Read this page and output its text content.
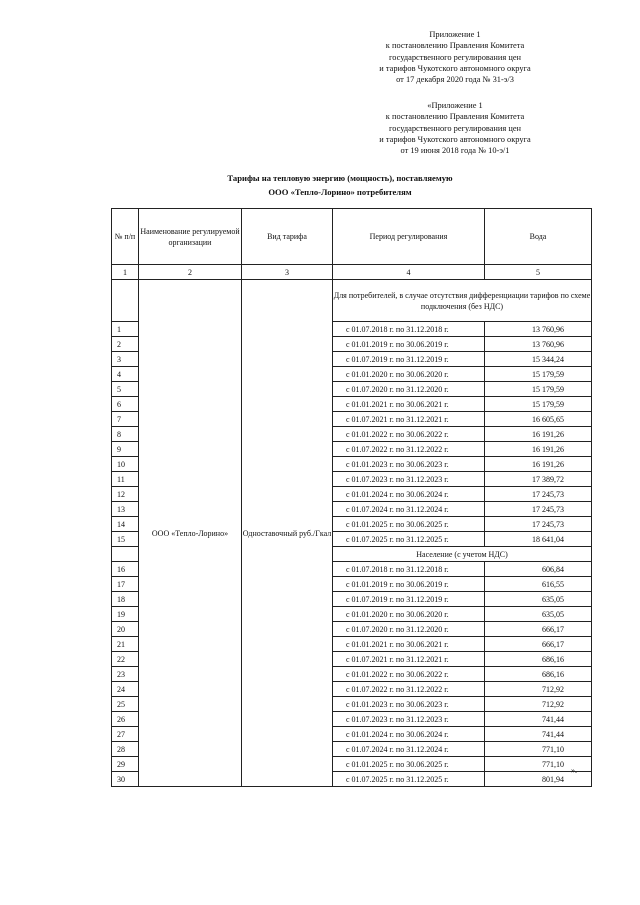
Приложение 1
к постановлению Правления Комитета
государственного регулирования цен
и тарифов Чукотского автономного округа
от 17 декабря 2020 года № 31-э/3
«Приложение 1
к постановлению Правления Комитета
государственного регулирования цен
и тарифов Чукотского автономного округа
от 19 июня 2018 года № 10-э/1
Тарифы на тепловую энергию (мощность), поставляемую
ООО «Тепло-Лорино» потребителям
№ п/п	Наименование регулируемой организации	Вид тарифа	Период регулирования	Вода
1	2	3	4	5
	ООО «Тепло-Лорино»	Одноставочный руб./Гкал	Для потребителей, в случае отсутствия дифференциации тарифов по схеме подключения (без НДС)	
1			с 01.07.2018 г. по 31.12.2018 г.	13 760,96
2			с 01.01.2019 г. по 30.06.2019 г.	13 760,96
3			с 01.07.2019 г. по 31.12.2019 г.	15 344,24
4			с 01.01.2020 г. по 30.06.2020 г.	15 179,59
5			с 01.07.2020 г. по 31.12.2020 г.	15 179,59
6			с 01.01.2021 г. по 30.06.2021 г.	15 179,59
7			с 01.07.2021 г. по 31.12.2021 г.	16 605,65
8			с 01.01.2022 г. по 30.06.2022 г.	16 191,26
9			с 01.07.2022 г. по 31.12.2022 г.	16 191,26
10			с 01.01.2023 г. по 30.06.2023 г.	16 191,26
11			с 01.07.2023 г. по 31.12.2023 г.	17 389,72
12			с 01.01.2024 г. по 30.06.2024 г.	17 245,73
13			с 01.07.2024 г. по 31.12.2024 г.	17 245,73
14			с 01.01.2025 г. по 30.06.2025 г.	17 245,73
15			с 01.07.2025 г. по 31.12.2025 г.	18 641,04
			Население (с учетом НДС)	
16			с 01.07.2018 г. по 31.12.2018 г.	606,84
17			с 01.01.2019 г. по 30.06.2019 г.	616,55
18			с 01.07.2019 г. по 31.12.2019 г.	635,05
19			с 01.01.2020 г. по 30.06.2020 г.	635,05
20			с 01.07.2020 г. по 31.12.2020 г.	666,17
21			с 01.01.2021 г. по 30.06.2021 г.	666,17
22			с 01.07.2021 г. по 31.12.2021 г.	686,16
23			с 01.01.2022 г. по 30.06.2022 г.	686,16
24			с 01.07.2022 г. по 31.12.2022 г.	712,92
25			с 01.01.2023 г. по 30.06.2023 г.	712,92
26			с 01.07.2023 г. по 31.12.2023 г.	741,44
27			с 01.01.2024 г. по 30.06.2024 г.	741,44
28			с 01.07.2024 г. по 31.12.2024 г.	771,10
29			с 01.01.2025 г. по 30.06.2025 г.	771,10
30			с 01.07.2025 г. по 31.12.2025 г.	801,94
».
